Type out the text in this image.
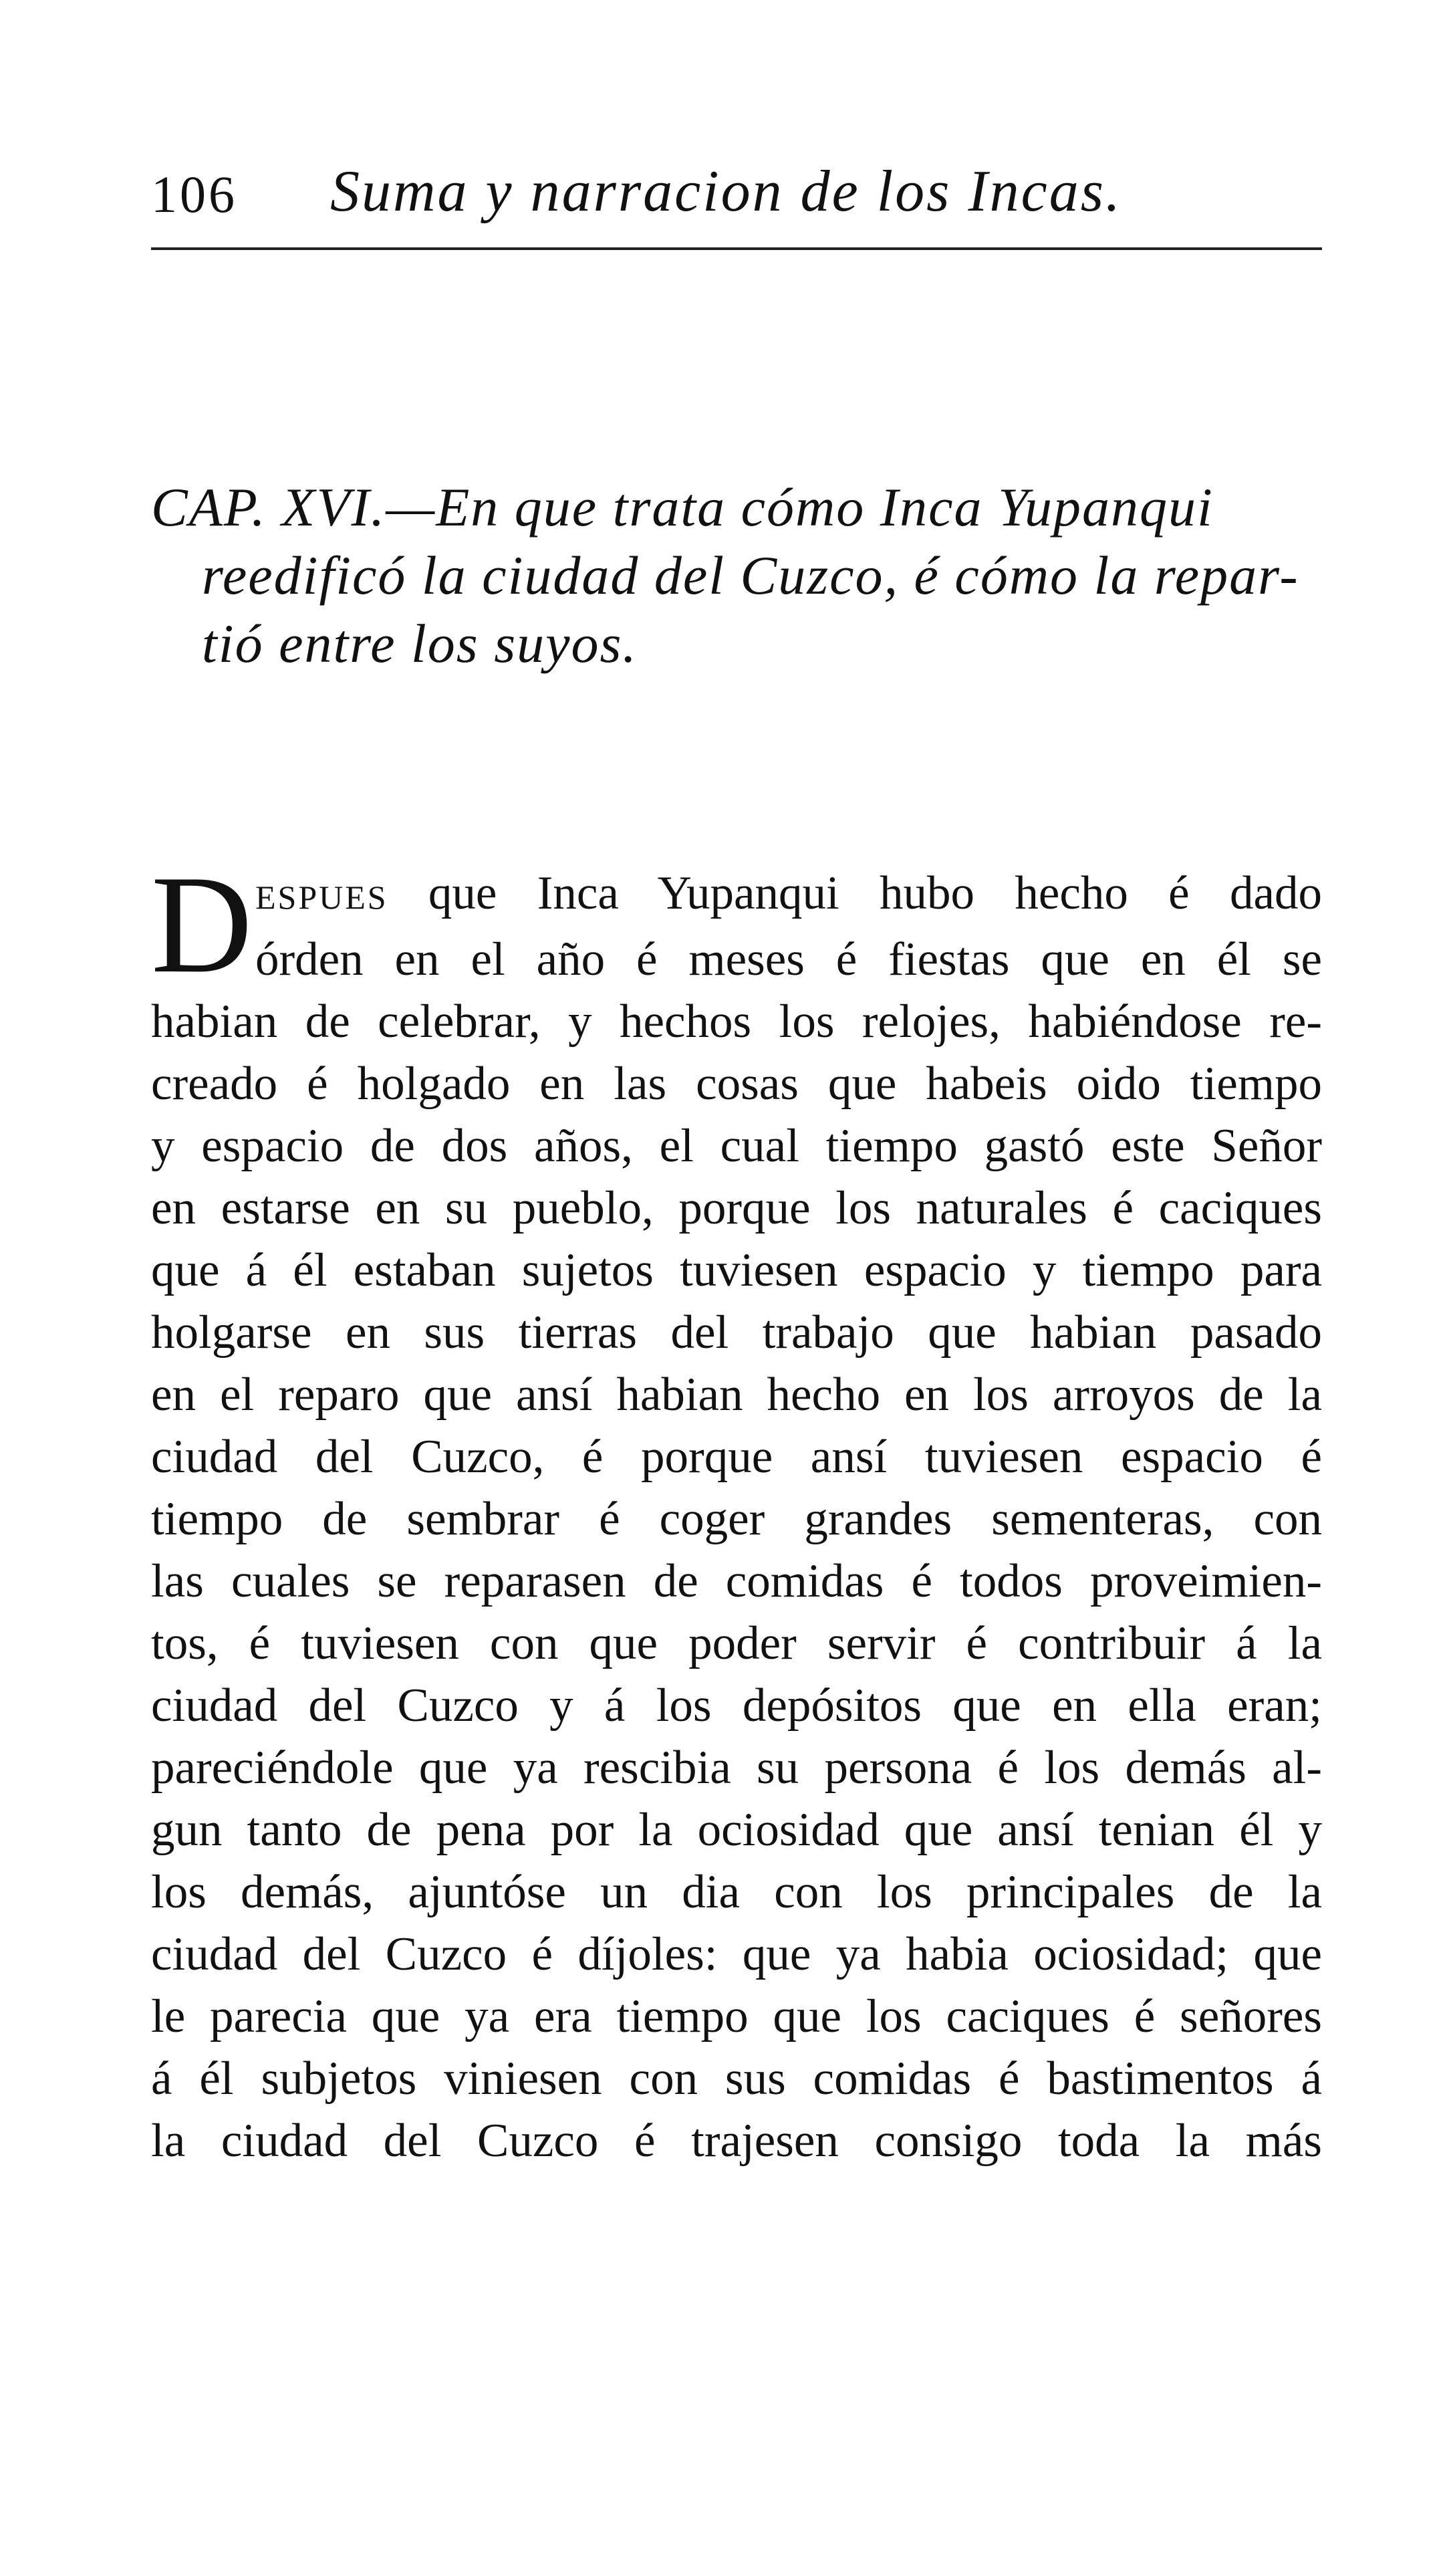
106 Suma y narracion de los Incas.
CAP. XVI.—En que trata cómo Inca Yupanqui
reedificó la ciudad del Cuzco, é cómo la repar-
tió entre los suyos.
D ESPUES que Inca Yupanqui hubo hecho é dado
órden en el año é meses é fiestas que en él se
habian de celebrar, y hechos los relojes, habiéndose re-
creado é holgado en las cosas que habeis oido tiempo
y espacio de dos años, el cual tiempo gastó este Señor
en estarse en su pueblo, porque los naturales é caciques
que á él estaban sujetos tuviesen espacio y tiempo para
holgarse en sus tierras del trabajo que habian pasado
en el reparo que ansí habian hecho en los arroyos de la
ciudad del Cuzco, é porque ansí tuviesen espacio é
tiempo de sembrar é coger grandes sementeras, con
las cuales se reparasen de comidas é todos proveimien-
tos, é tuviesen con que poder servir é contribuir á la
ciudad del Cuzco y á los depósitos que en ella eran;
pareciéndole que ya rescibia su persona é los demás al-
gun tanto de pena por la ociosidad que ansí tenian él y
los demás, ajuntóse un dia con los principales de la
ciudad del Cuzco é díjoles: que ya habia ociosidad; que
le parecia que ya era tiempo que los caciques é señores
á él subjetos viniesen con sus comidas é bastimentos á
la ciudad del Cuzco é trajesen consigo toda la más
